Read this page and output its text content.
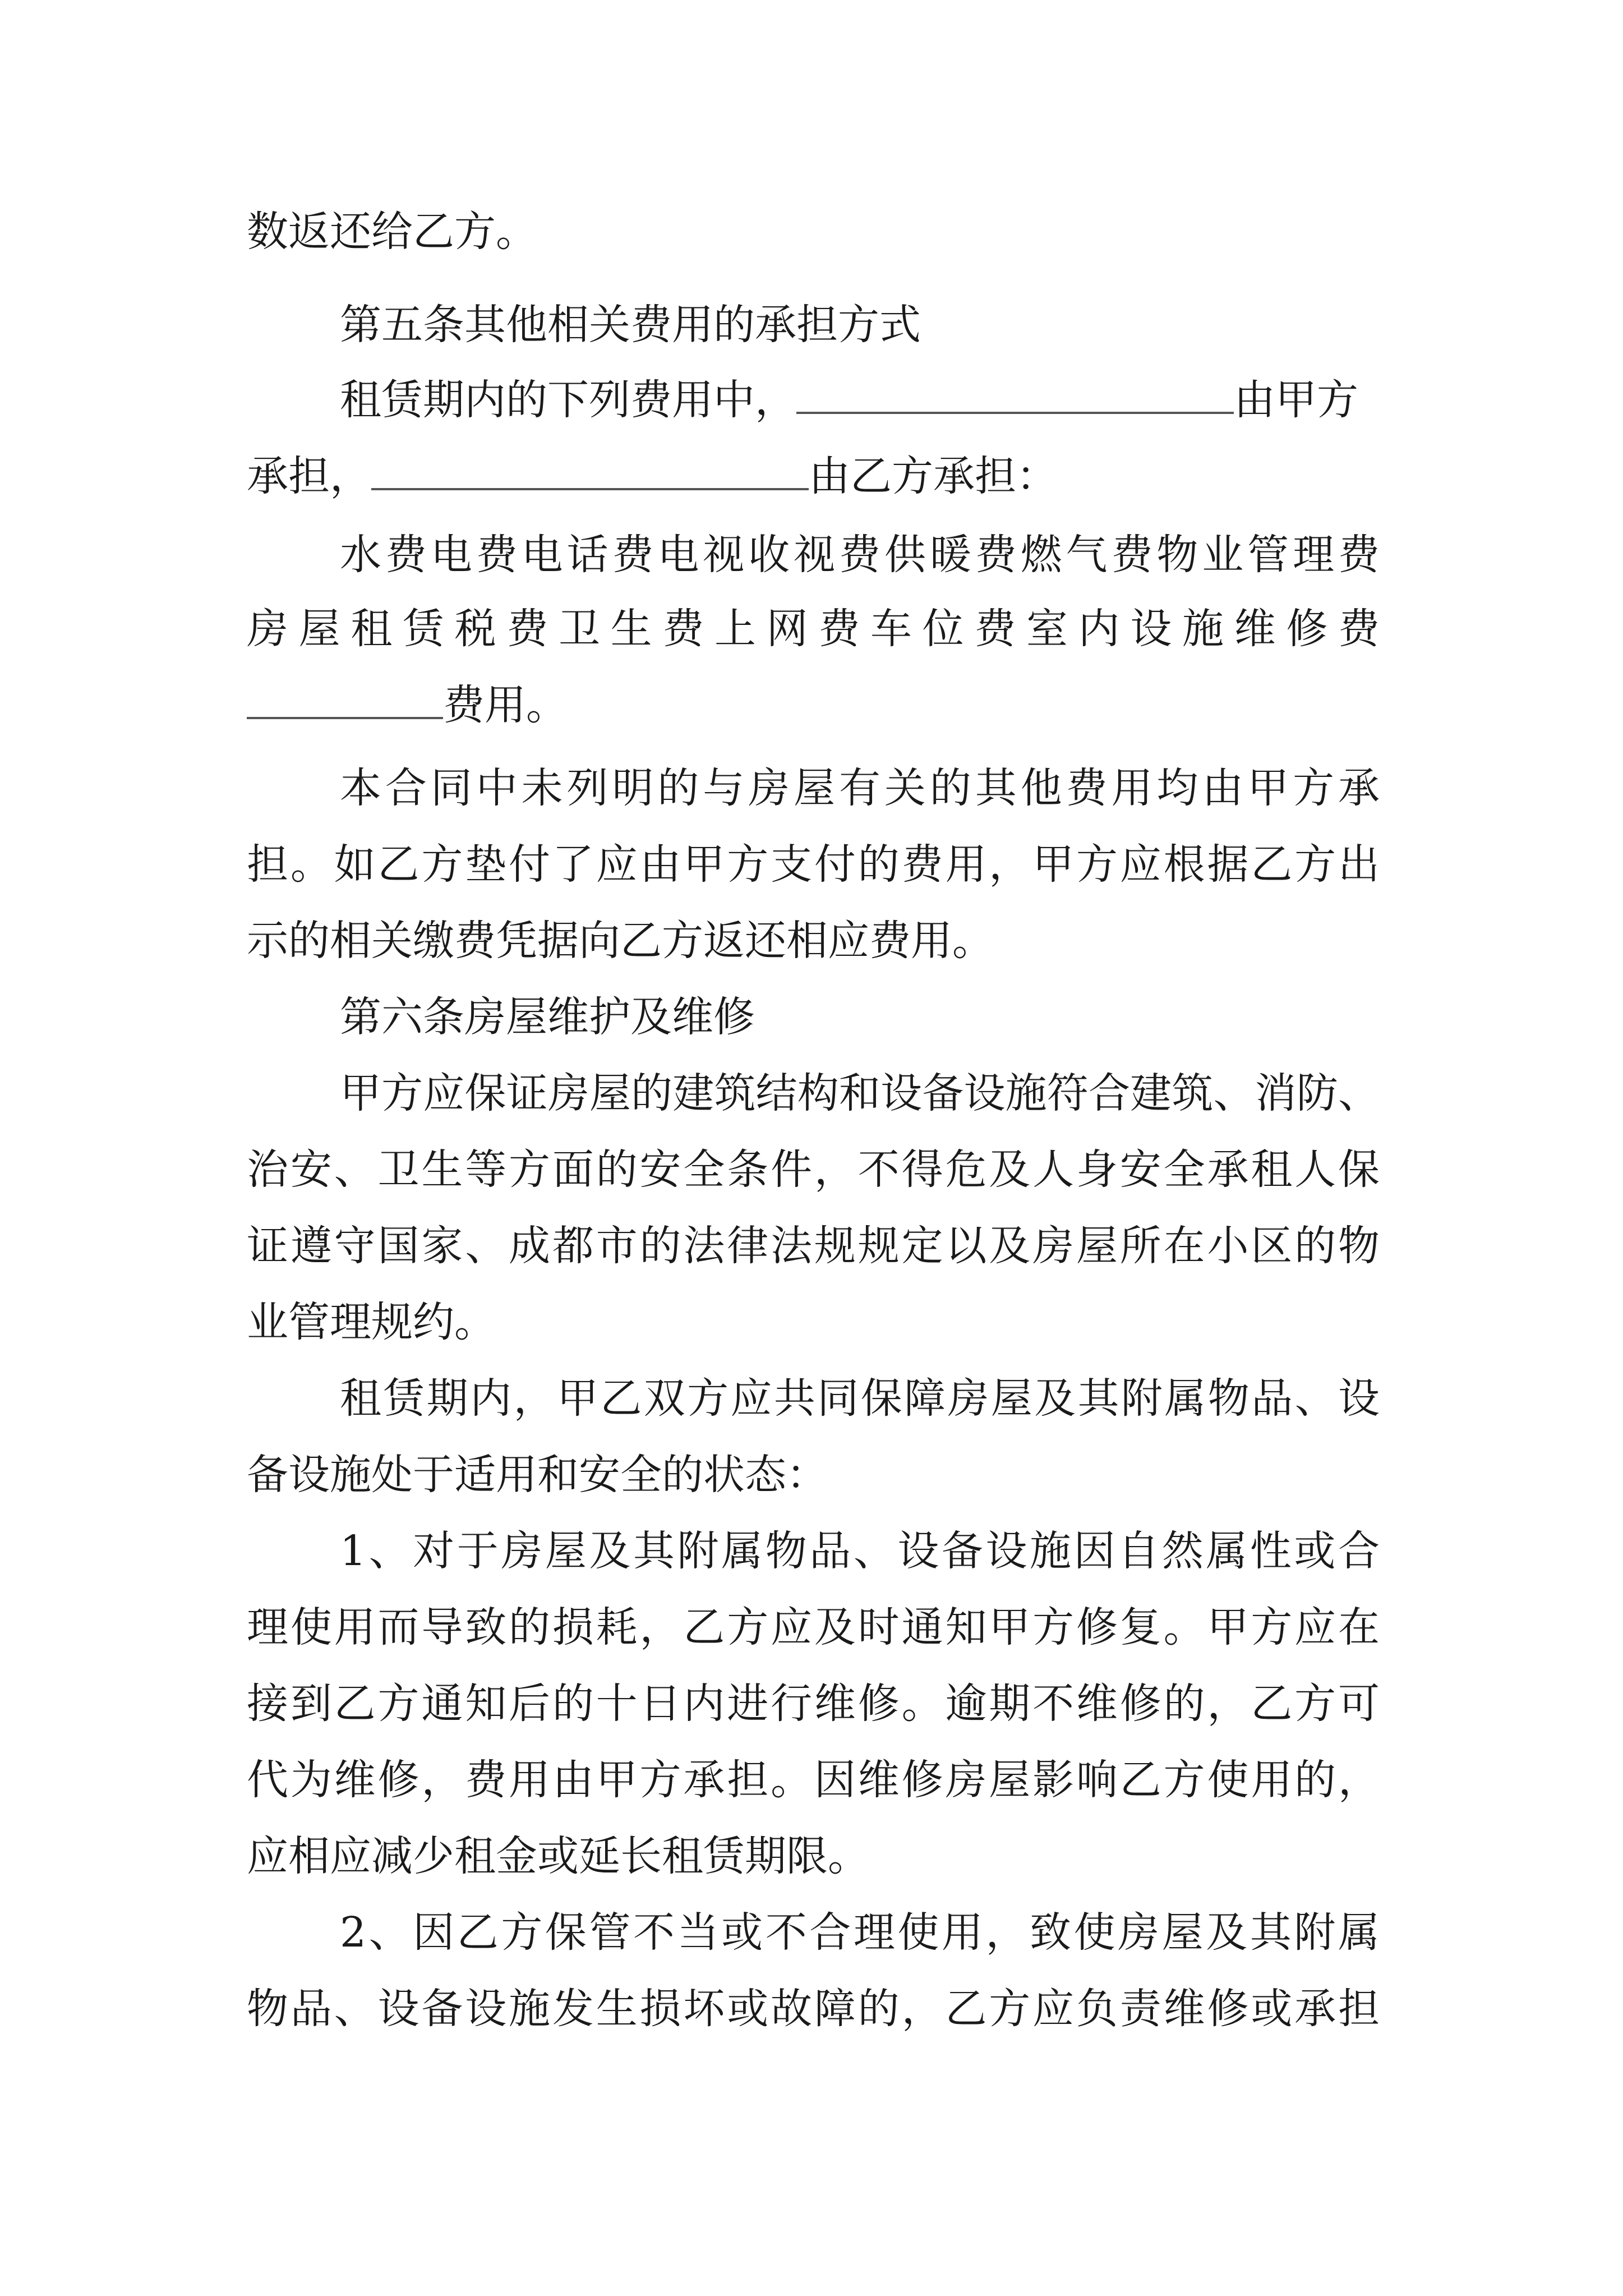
数返还给乙方。

第五条其他相关费用的承担方式

租赁期内的下列费用中，	由甲方

承担，	由乙方承担：

水费电费电话费电视收视费供暖费燃气费物业管理费

房屋租赁税费卫生费上网费车位费室内设施维修费

费用。

本合同中未列明的与房屋有关的其他费用均由甲方承

担。如乙方垫付了应由甲方支付的费用，甲方应根据乙方出

示的相关缴费凭据向乙方返还相应费用。

第六条房屋维护及维修

甲方应保证房屋的建筑结构和设备设施符合建筑、消防、

治安、卫生等方面的安全条件，不得危及人身安全承租人保

证遵守国家、成都市的法律法规规定以及房屋所在小区的物

业管理规约。

租赁期内，甲乙双方应共同保障房屋及其附属物品、设

备设施处于适用和安全的状态：

1、对于房屋及其附属物品、设备设施因自然属性或合

理使用而导致的损耗，乙方应及时通知甲方修复。甲方应在

接到乙方通知后的十日内进行维修。逾期不维修的，乙方可

代为维修，费用由甲方承担。因维修房屋影响乙方使用的，

应相应减少租金或延长租赁期限。

2、因乙方保管不当或不合理使用，致使房屋及其附属

物品、设备设施发生损坏或故障的，乙方应负责维修或承担
